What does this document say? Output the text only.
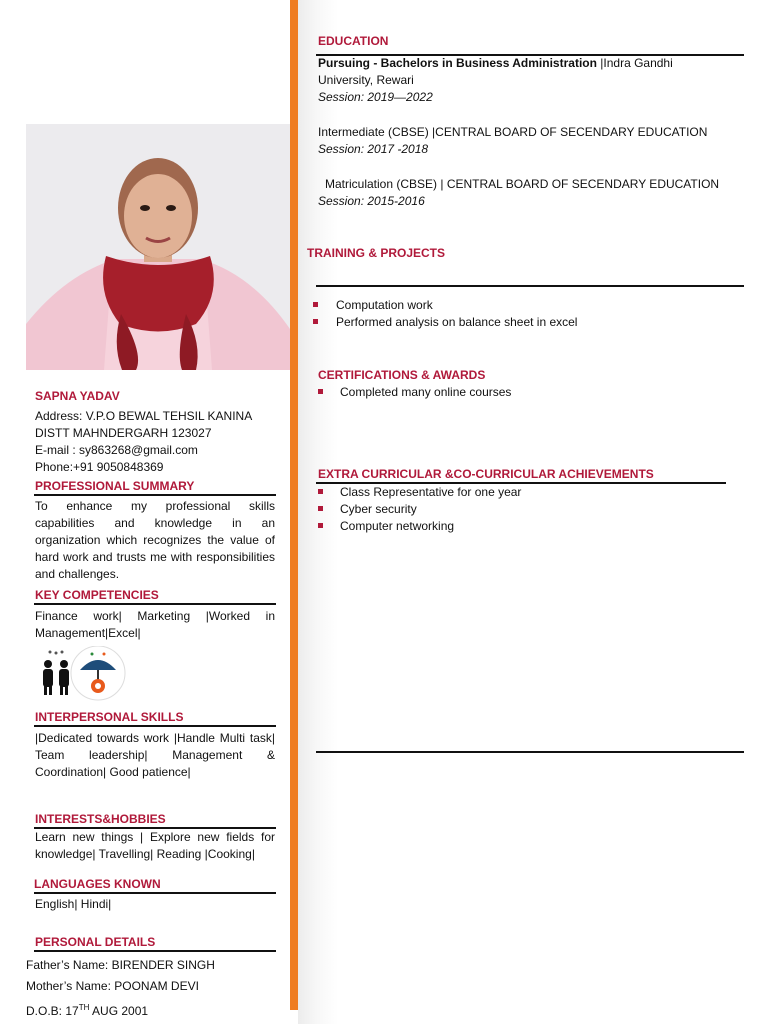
SAPNA YADAV
Address: V.P.O BEWAL TEHSIL KANINA
DISTT MAHNDERGARH 123027
E-mail : sy863268@gmail.com
Phone:+91 9050848369
PROFESSIONAL SUMMARY
To enhance my professional skills capabilities and knowledge in an organization which recognizes the value of hard work and trusts me with responsibilities and challenges.
KEY COMPETENCIES
Finance work| Marketing |Worked in Management|Excel|
INTERPERSONAL SKILLS
|Dedicated towards work |Handle Multi task| Team leadership| Management & Coordination| Good patience|
INTERESTS&HOBBIES
Learn new things | Explore new fields for knowledge| Travelling| Reading |Cooking|
LANGUAGES KNOWN
English| Hindi|
PERSONAL DETAILS
Father’s Name: BIRENDER SINGH
Mother’s Name: POONAM DEVI
D.O.B: 17TH AUG 2001
EDUCATION
Pursuing - Bachelors in Business Administration |Indra Gandhi
University, Rewari
Session: 2019—2022
Intermediate (CBSE) |CENTRAL BOARD OF SECENDARY EDUCATION
Session: 2017 -2018
Matriculation (CBSE) | CENTRAL BOARD OF SECENDARY EDUCATION
Session: 2015-2016
TRAINING & PROJECTS
Computation work
Performed analysis on balance sheet in excel
CERTIFICATIONS & AWARDS
Completed many online courses
EXTRA CURRICULAR &CO-CURRICULAR ACHIEVEMENTS
Class Representative for one year
Cyber security
Computer networking
